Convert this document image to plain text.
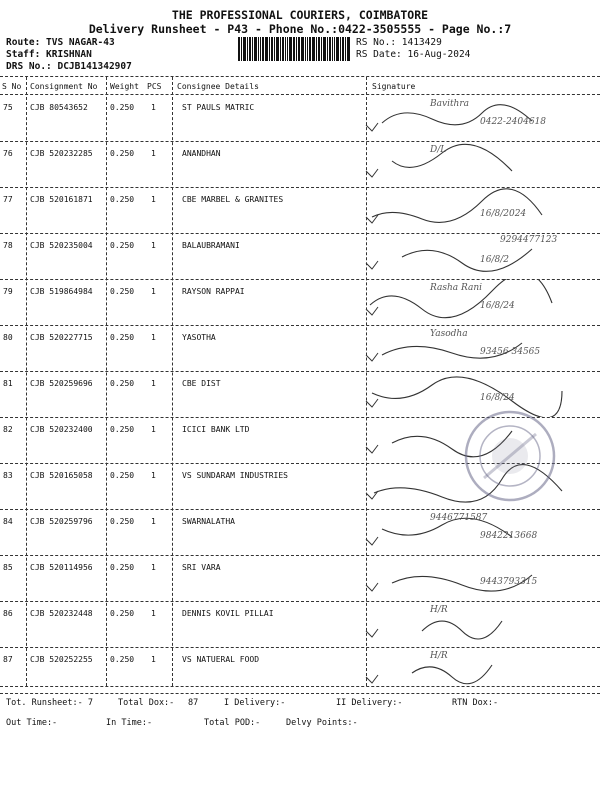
THE PROFESSIONAL COURIERS, COIMBATORE
Delivery Runsheet - P43 - Phone No.:0422-3505555 - Page No.:7
Route: TVS NAGAR-43
Staff: KRISHNAN
DRS No.: DCJB141342907
RS No.: 1413429
RS Date: 16-Aug-2024
S No Consignment No Weight PCS Consignee Details	Signature
75 CJB 80543652	0.250 1	ST PAULS MATRIC	Bavithra
0422-2404618
76 CJB 520232285 0.250 1	ANANDHAN	D/L
77 CJB 520161871 0.250 1	CBE MARBEL & GRANITES
16/8/2024
78 CJB 520235004 0.250 1	BALAUBRAMANI
16/8/2
9294477123
79 CJB 519864984 0.250 1	RAYSON RAPPAI	Rasha Rani
16/8/24
80 CJB 520227715 0.250 1	YASOTHA	Yasodha
93456 34565
81 CJB 520259696 0.250 1	CBE DIST
16/8/24
82 CJB 520232400 0.250 1	ICICI BANK LTD
83 CJB 520165058 0.250 1	VS SUNDARAM INDUSTRIES
84 CJB 520259796 0.250 1	SWARNALATHA	9446771587
9842213668
85 CJB 520114956 0.250 1	SRI VARA
9443793315
86 CJB 520232448 0.250 1	DENNIS KOVIL PILLAI	H/R
87 CJB 520252255 0.250 1	VS NATUERAL FOOD	H/R
Tot. Runsheet:- 7	Total Dox:- 87	I Delivery:-	II Delivery:-	RTN Dox:-
Out Time:-	In Time:-	Total POD:-	Delvy Points:-
